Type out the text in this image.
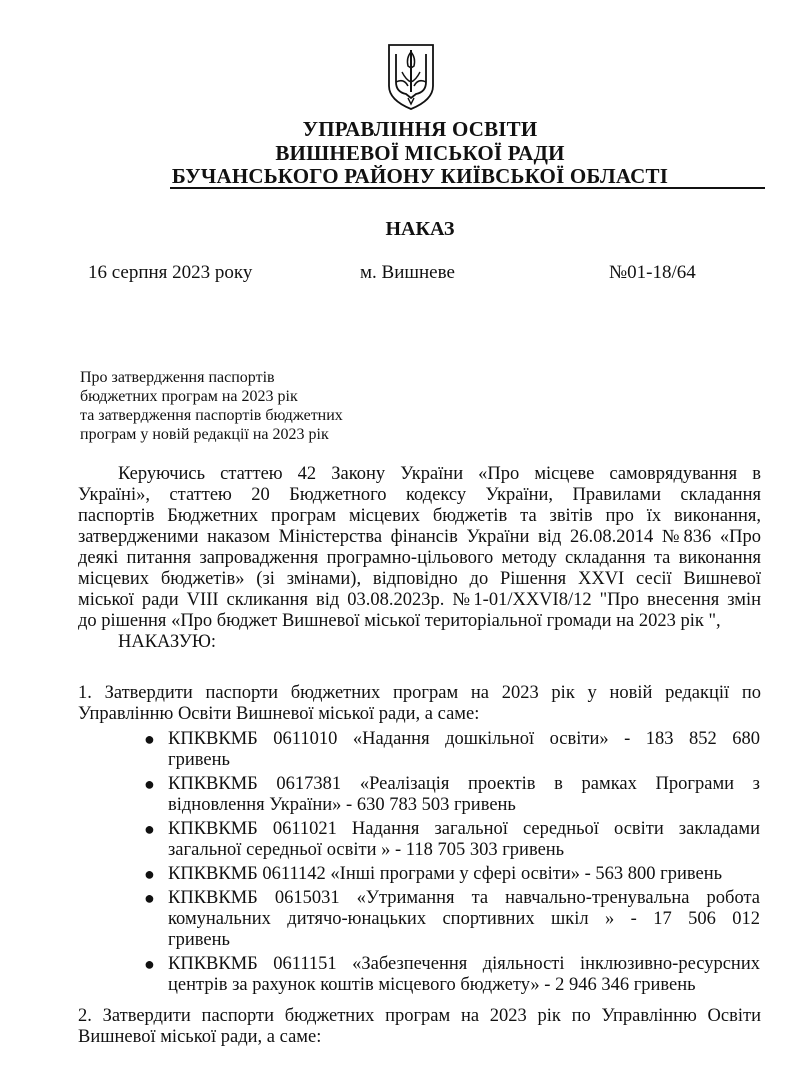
УПРАВЛІННЯ ОСВІТИ
ВИШНЕВОЇ МІСЬКОЇ РАДИ
БУЧАНСЬКОГО РАЙОНУ КИЇВСЬКОЇ ОБЛАСТІ
НАКАЗ
16 серпня 2023 року	м. Вишневе	№01-18/64
Про затвердження паспортів
бюджетних програм на 2023 рік
та затвердження паспортів бюджетних
програм у новій редакції на 2023 рік
Керуючись статтею 42 Закону України «Про місцеве самоврядування в
Україні», статтею 20 Бюджетного кодексу України, Правилами складання
паспортів Бюджетних програм місцевих бюджетів та звітів про їх виконання,
затвердженими наказом Міністерства фінансів України від 26.08.2014 №836 «Про
деякі питання запровадження програмно-цільового методу складання та виконання
місцевих бюджетів» (зі змінами), відповідно до Рішення XXVI сесії Вишневої
міської ради VIII скликання від 03.08.2023р. №1-01/XXVI8/12 "Про внесення змін
до рішення «Про бюджет Вишневої міської територіальної громади на 2023 рік ",
НАКАЗУЮ:
1. Затвердити паспорти бюджетних програм на 2023 рік у новій редакції по
Управлінню Освіти Вишневої міської ради, а саме:
● КПКВКМБ 0611010 «Надання дошкільної освіти» - 183 852 680
гривень
● КПКВКМБ 0617381 «Реалізація проектів в рамках Програми з
відновлення України» - 630 783 503 гривень
● КПКВКМБ 0611021 Надання загальної середньої освіти закладами
загальної середньої освіти » - 118 705 303 гривень
● КПКВКМБ 0611142 «Інші програми у сфері освіти» - 563 800 гривень
● КПКВКМБ 0615031 «Утримання та навчально-тренувальна робота
комунальних дитячо-юнацьких спортивних шкіл » - 17 506 012
гривень
● КПКВКМБ 0611151 «Забезпечення діяльності інклюзивно-ресурсних
центрів за рахунок коштів місцевого бюджету» - 2 946 346 гривень
2. Затвердити паспорти бюджетних програм на 2023 рік по Управлінню Освіти
Вишневої міської ради, а саме:
